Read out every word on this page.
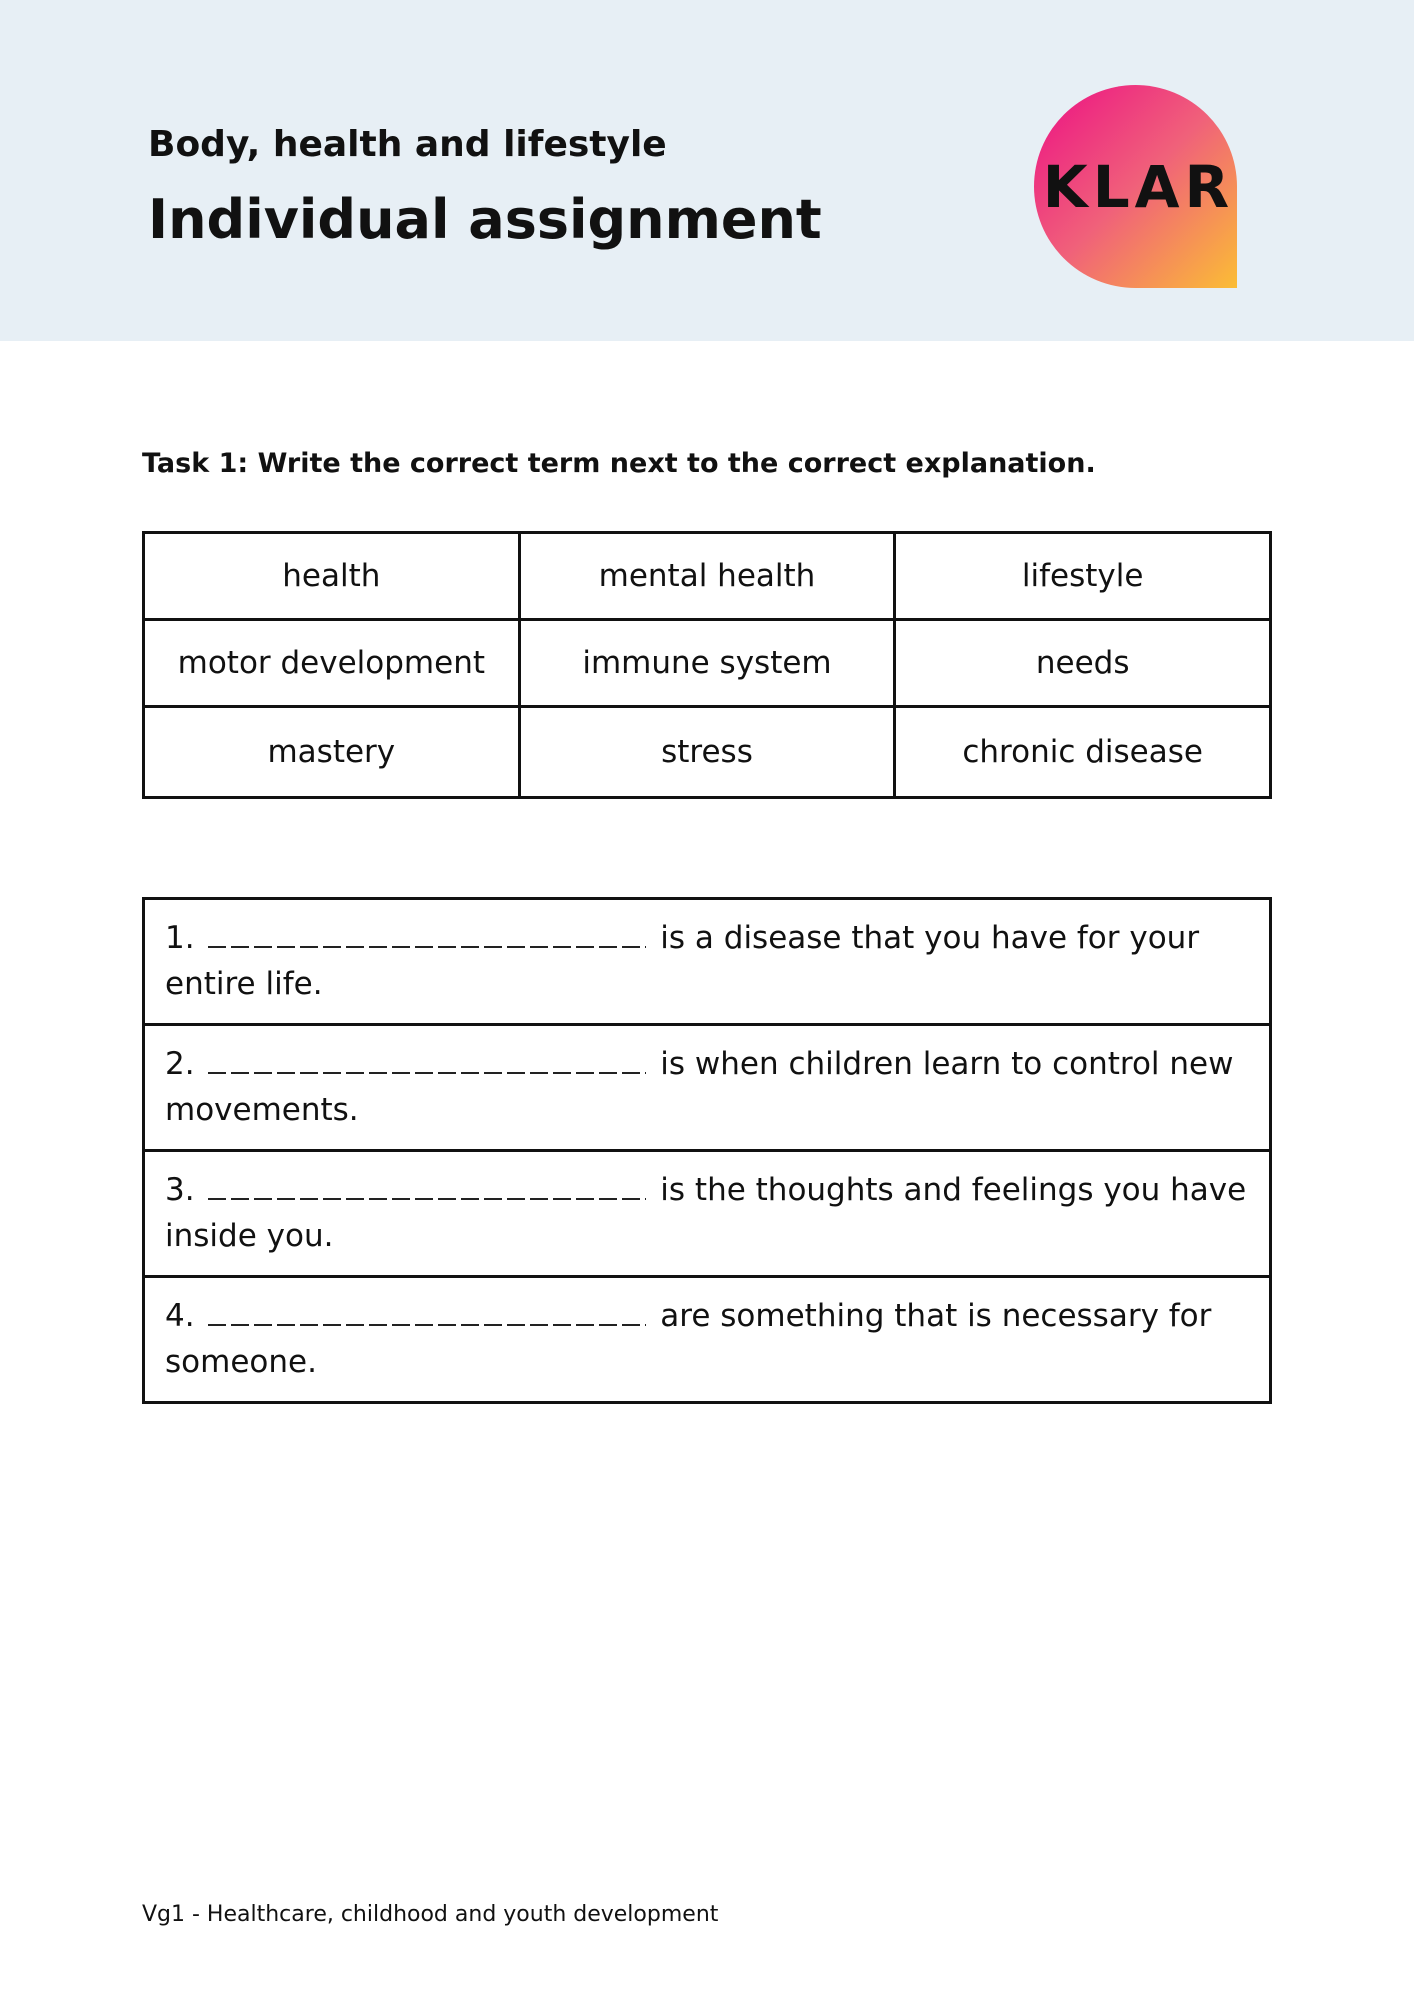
Body, health and lifestyle
Individual assignment	KLAR

Task 1: Write the correct term next to the correct explanation.

health	mental health	lifestyle
motor development	immune system	needs
mastery	stress	chronic disease
1.	is a disease that you have for your entire life.
2.	is when children learn to control new movements.
3.	is the thoughts and feelings you have inside you.
4.	are something that is necessary for someone.

Vg1 - Healthcare, childhood and youth development
